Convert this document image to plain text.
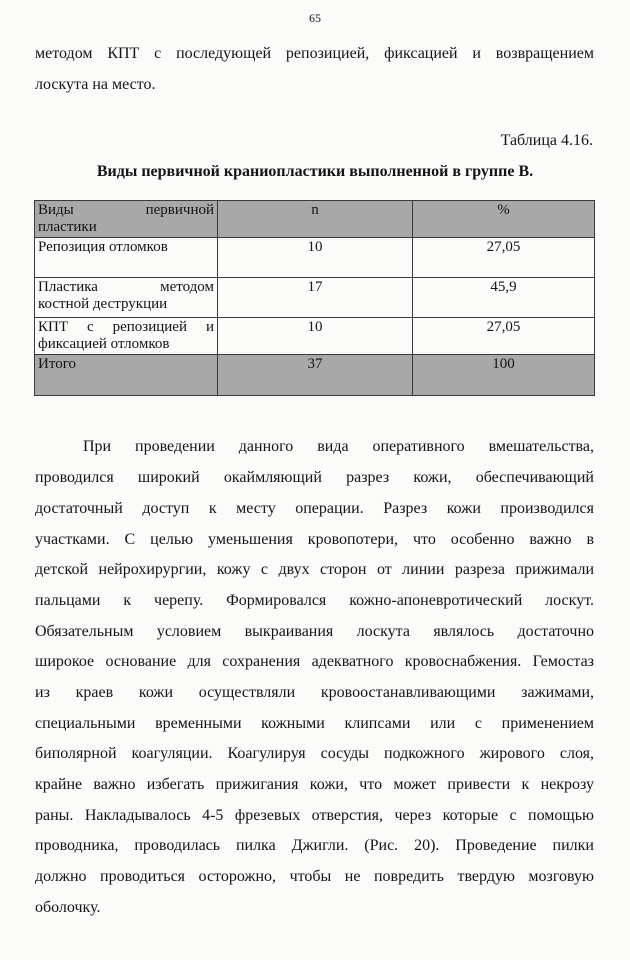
65
методом КПТ с последующей репозицией, фиксацией и возвращением
лоскута на место.
Таблица 4.16.
Виды первичной краниопластики выполненной в группе В.
Виды первичной
пластики	n	%

Репозиция отломков	10	27,05

Пластика методом
костной деструкции	17	45,9

КПТ с репозицией и
фиксацией отломков	10	27,05
Итого	37	100
При проведении данного вида оперативного вмешательства,
проводился широкий окаймляющий разрез кожи, обеспечивающий
достаточный доступ к месту операции. Разрез кожи производился
участками. С целью уменьшения кровопотери, что особенно важно в
детской нейрохирургии, кожу с двух сторон от линии разреза прижимали
пальцами к черепу. Формировался кожно-апоневротический лоскут.
Обязательным условием выкраивания лоскута являлось достаточно
широкое основание для сохранения адекватного кровоснабжения. Гемостаз
из краев кожи осуществляли кровоостанавливающими зажимами,
специальными временными кожными клипсами или с применением
биполярной коагуляции. Коагулируя сосуды подкожного жирового слоя,
крайне важно избегать прижигания кожи, что может привести к некрозу
раны. Накладывалось 4-5 фрезевых отверстия, через которые с помощью
проводника, проводилась пилка Джигли. (Рис. 20). Проведение пилки
должно проводиться осторожно, чтобы не повредить твердую мозговую
оболочку.
